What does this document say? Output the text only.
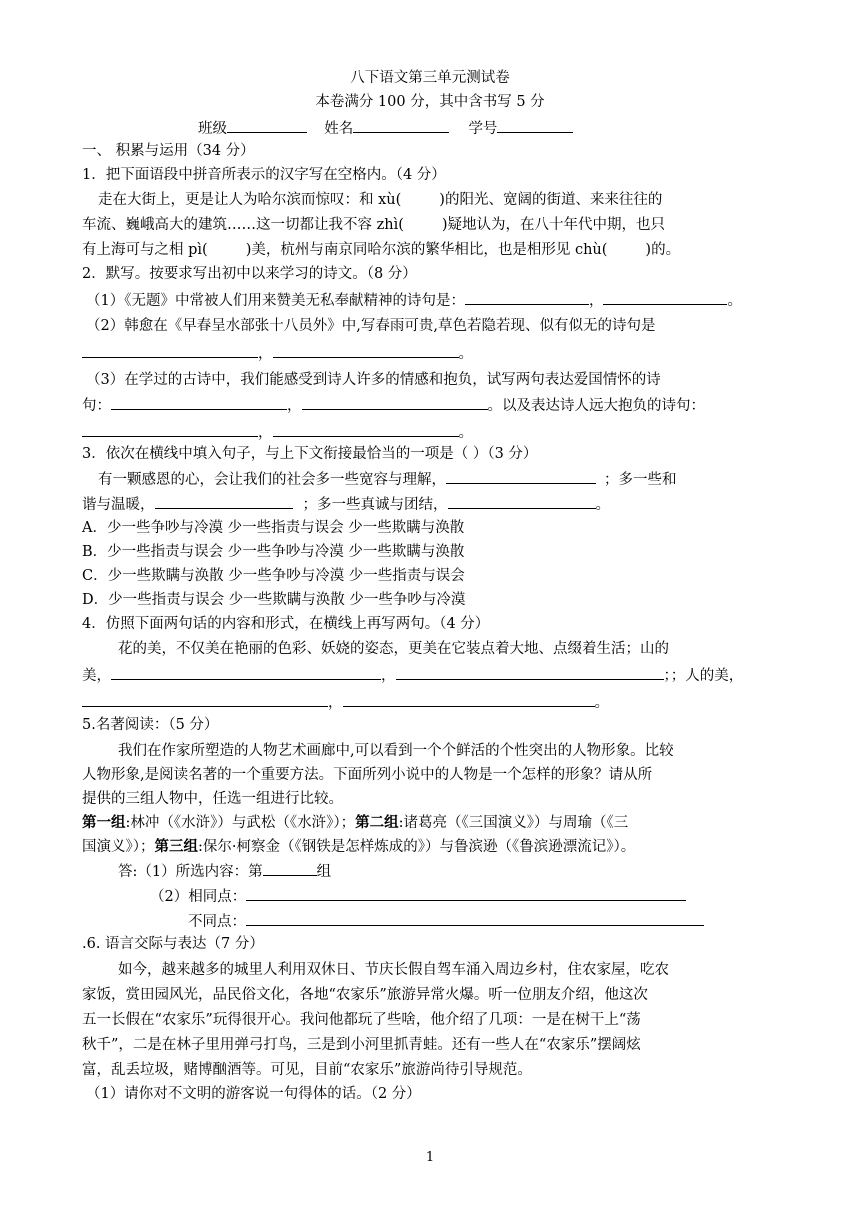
八下语文第三单元测试卷
本卷满分 100 分，其中含书写 5 分
班级	姓名	学号
一、 积累与运用（34 分）
1．把下面语段中拼音所表示的汉字写在空格内。（4 分）
走在大街上，更是让人为哈尔滨而惊叹：和 xù(	)的阳光、宽阔的街道、来来往往的
车流、巍峨高大的建筑……这一切都让我不容 zhì(	)疑地认为，在八十年代中期，也只
有上海可与之相 pì(	)美，杭州与南京同哈尔滨的繁华相比，也是相形见 chù(	)的。
2．默写。按要求写出初中以来学习的诗文。（8 分）
（1）《无题》中常被人们用来赞美无私奉献精神的诗句是：	，	。
（2）韩愈在《早春呈水部张十八员外》中,写春雨可贵,草色若隐若现、似有似无的诗句是
，	。
（3）在学过的古诗中，我们能感受到诗人许多的情感和抱负，试写两句表达爱国情怀的诗
句：	，	。以及表达诗人远大抱负的诗句：
，	。
3．依次在横线中填入句子，与上下文衔接最恰当的一项是（ ）（3 分）
有一颗感恩的心，会让我们的社会多一些宽容与理解，	；多一些和
谐与温暖，	；多一些真诚与团结，	。
A．少一些争吵与冷漠 少一些指责与误会 少一些欺瞒与涣散
B．少一些指责与误会 少一些争吵与冷漠 少一些欺瞒与涣散
C．少一些欺瞒与涣散 少一些争吵与冷漠 少一些指责与误会
D．少一些指责与误会 少一些欺瞒与涣散 少一些争吵与冷漠
4．仿照下面两句话的内容和形式，在横线上再写两句。（4 分）
花的美，不仅美在艳丽的色彩、妖娆的姿态，更美在它装点着大地、点缀着生活；山的
美，	，	；；人的美，
，	。
5.名著阅读：（5 分）
我们在作家所塑造的人物艺术画廊中,可以看到一个个鲜活的个性突出的人物形象。比较
人物形象,是阅读名著的一个重要方法。下面所列小说中的人物是一个怎样的形象？请从所
提供的三组人物中，任选一组进行比较。
第一组:林冲（《水浒》）与武松（《水浒》）；第二组:诸葛亮（《三国演义》）与周瑜（《三
国演义》）；第三组:保尔·柯察金（《钢铁是怎样炼成的》）与鲁滨逊（《鲁滨逊漂流记》）。
答:（1）所选内容：第	组
（2）相同点：
不同点：
.6. 语言交际与表达（7 分）
如今，越来越多的城里人利用双休日、节庆长假自驾车涌入周边乡村，住农家屋，吃农
家饭，赏田园风光，品民俗文化，各地“农家乐”旅游异常火爆。听一位朋友介绍，他这次
五一长假在“农家乐”玩得很开心。我问他都玩了些啥，他介绍了几项：一是在树干上“荡
秋千”，二是在林子里用弹弓打鸟，三是到小河里抓青蛙。还有一些人在“农家乐”摆阔炫
富，乱丢垃圾，赌博酗酒等。可见，目前“农家乐”旅游尚待引导规范。
（1）请你对不文明的游客说一句得体的话。（2 分）
1
